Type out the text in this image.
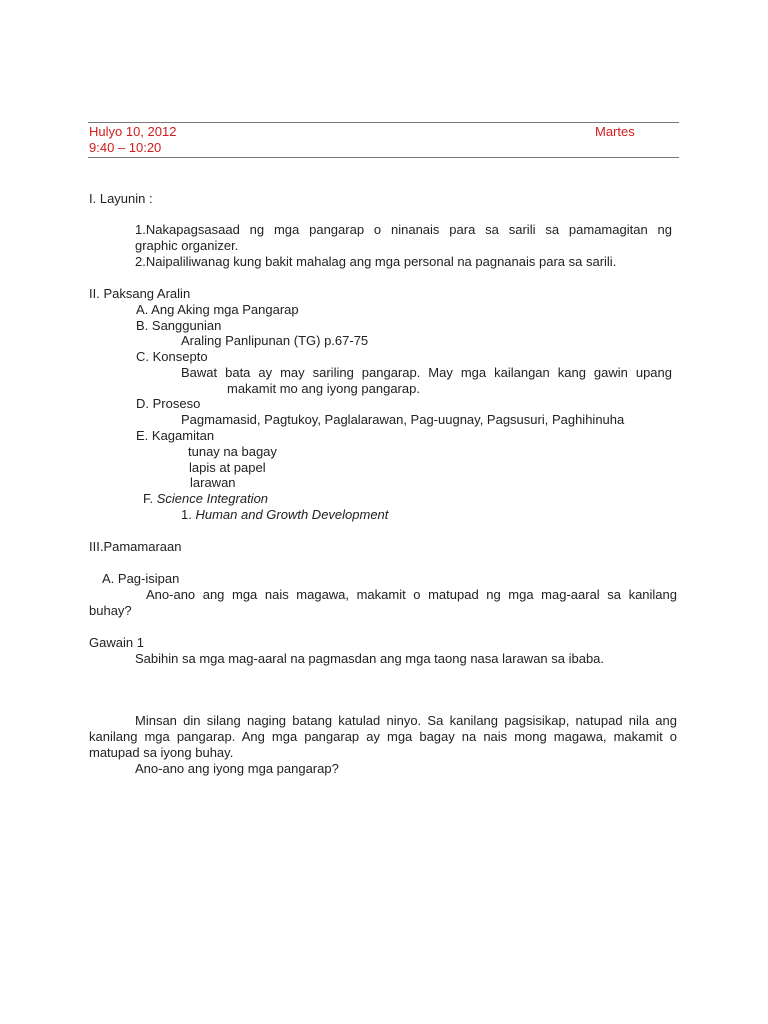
Hulyo 10, 2012	Martes
9:40 – 10:20
I. Layunin :
1.Nakapagsasaad ng mga pangarap o ninanais para sa sarili sa pamamagitan ng
graphic organizer.
2.Naipaliliwanag kung bakit mahalag ang mga personal na pagnanais para sa sarili.
II. Paksang Aralin
A. Ang Aking mga Pangarap
B. Sanggunian
Araling Panlipunan (TG) p.67-75
C. Konsepto
Bawat bata ay may sariling pangarap. May mga kailangan kang gawin upang
makamit mo ang iyong pangarap.
D. Proseso
Pagmamasid, Pagtukoy, Paglalarawan, Pag-uugnay, Pagsusuri, Paghihinuha
E. Kagamitan
tunay na bagay
lapis at papel
larawan
F. Science Integration
1. Human and Growth Development
III.Pamamaraan
A. Pag-isipan
Ano-ano ang mga nais magawa, makamit o matupad ng mga mag-aaral sa kanilang
buhay?
Gawain 1
Sabihin sa mga mag-aaral na pagmasdan ang mga taong nasa larawan sa ibaba.
Minsan din silang naging batang katulad ninyo. Sa kanilang pagsisikap, natupad nila ang
kanilang mga pangarap. Ang mga pangarap ay mga bagay na nais mong magawa, makamit o
matupad sa iyong buhay.
Ano-ano ang iyong mga pangarap?
